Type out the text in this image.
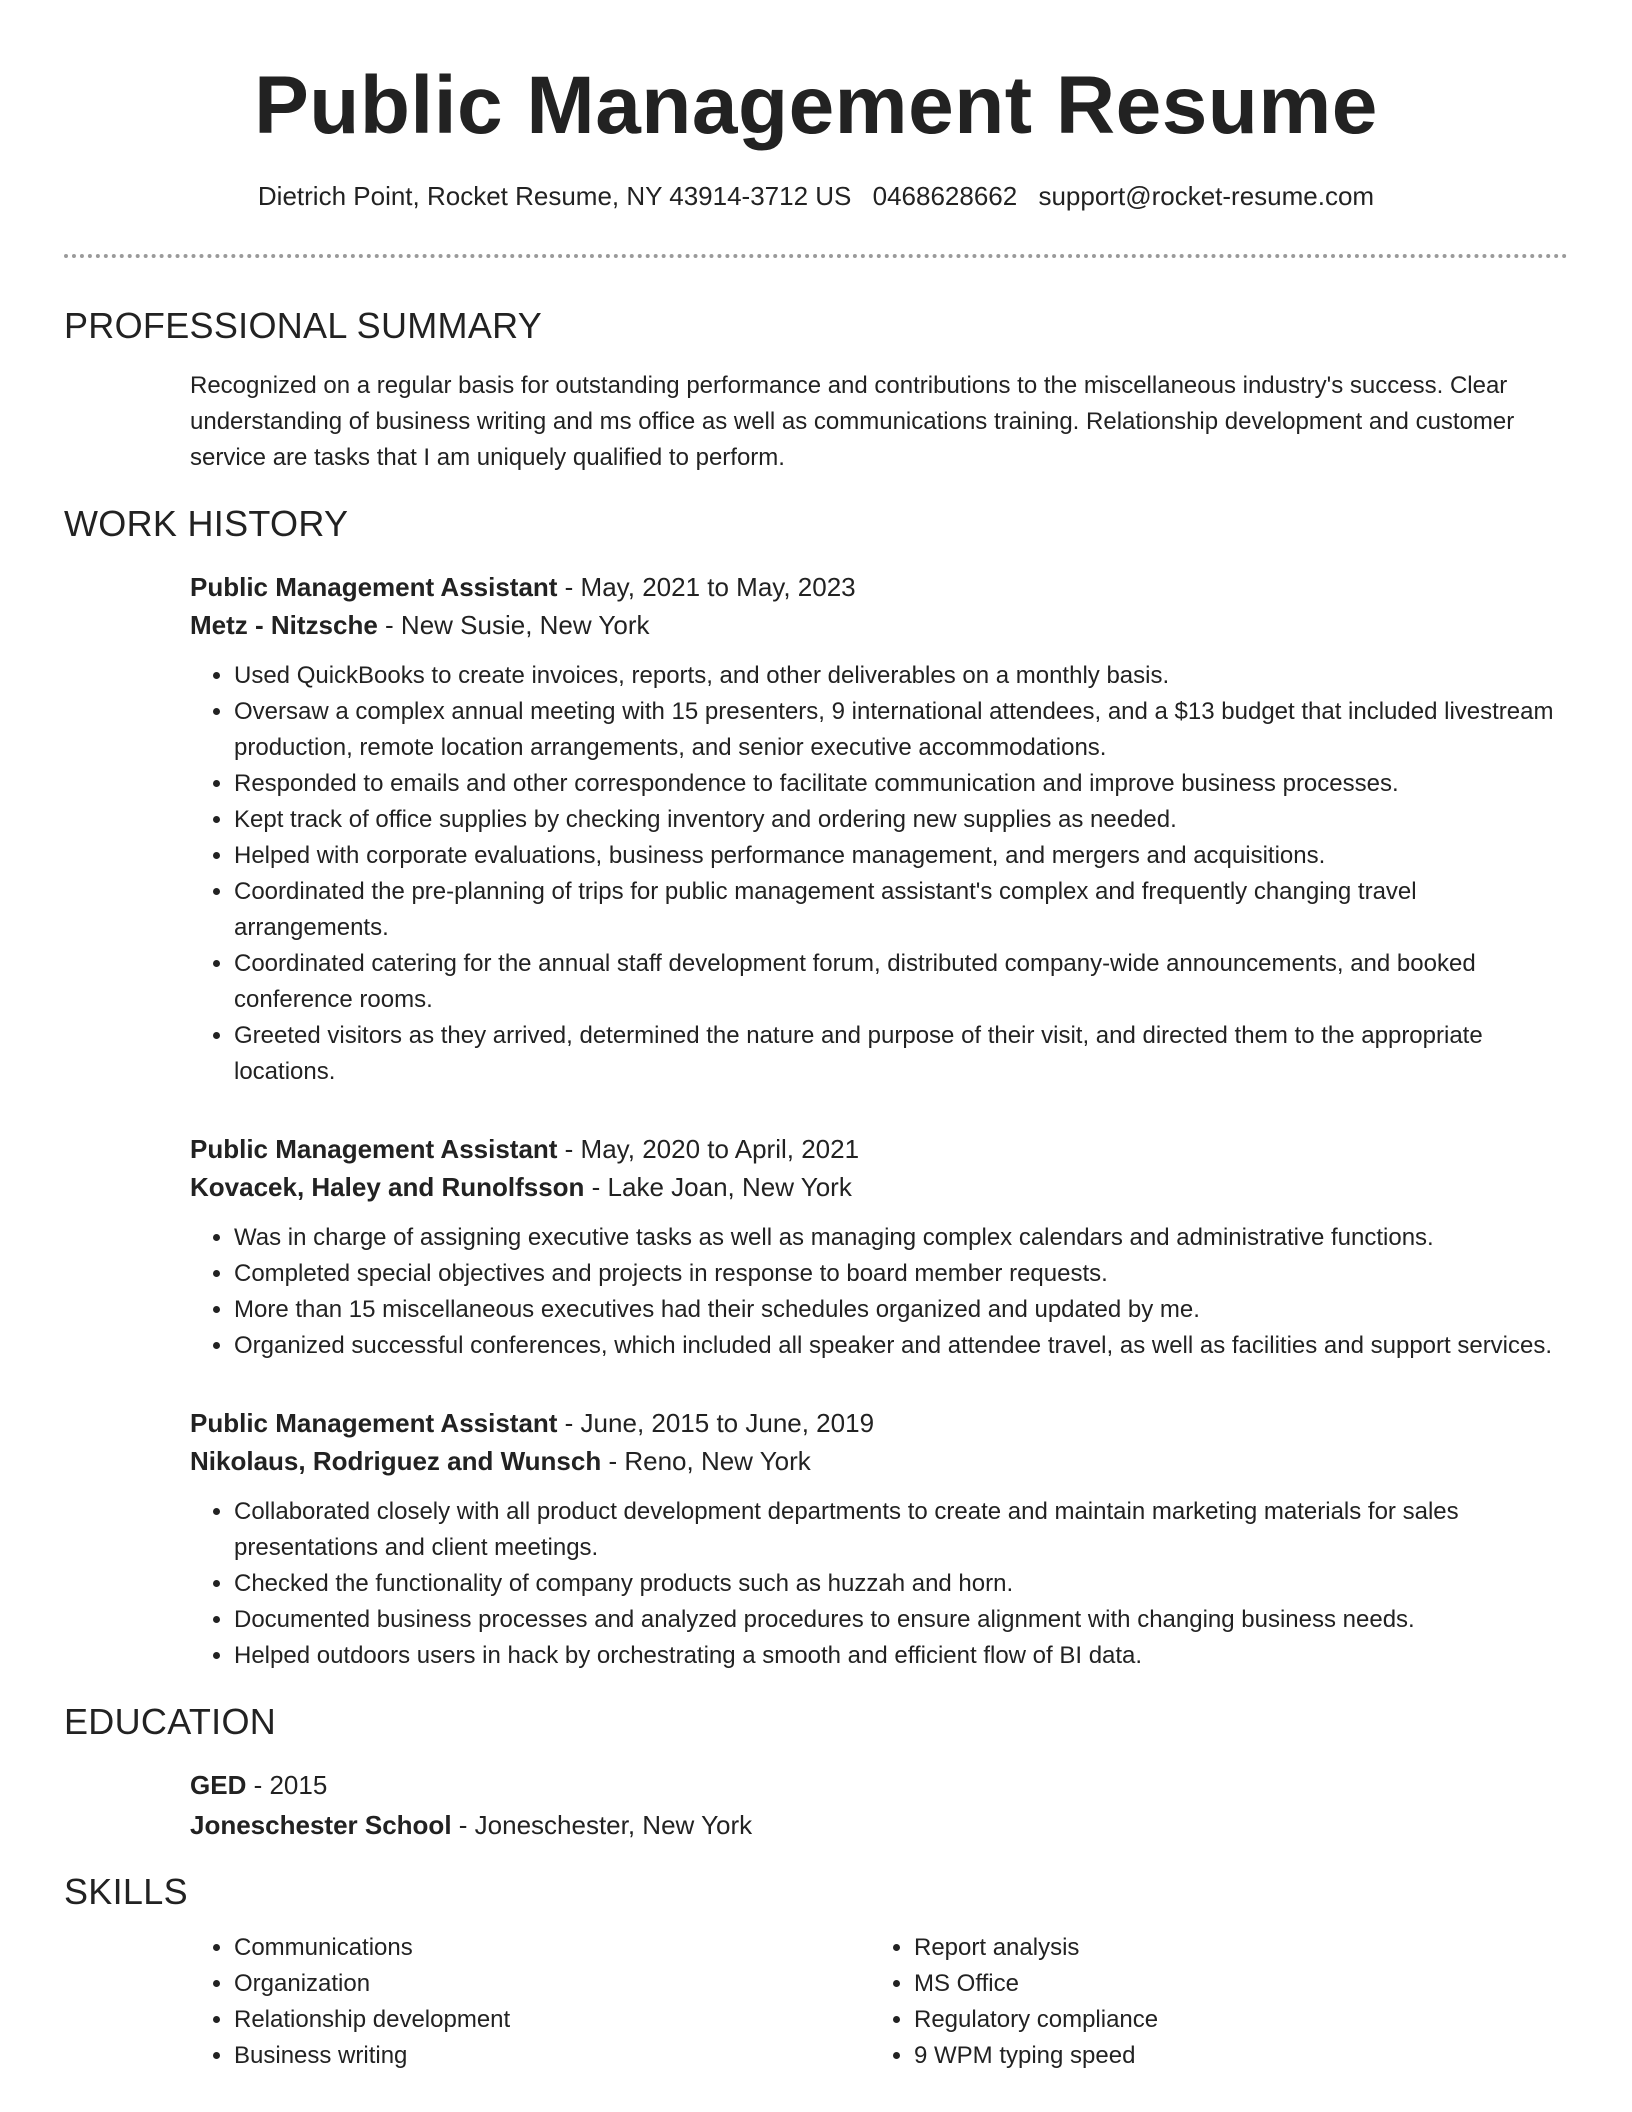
Public Management Resume
Dietrich Point, Rocket Resume, NY 43914-3712 US 0468628662 support@rocket-resume.com
PROFESSIONAL SUMMARY
Recognized on a regular basis for outstanding performance and contributions to the miscellaneous industry's success. Clear understanding of business writing and ms office as well as communications training. Relationship development and customer service are tasks that I am uniquely qualified to perform.
WORK HISTORY
Public Management Assistant - May, 2021 to May, 2023
Metz - Nitzsche - New Susie, New York
• Used QuickBooks to create invoices, reports, and other deliverables on a monthly basis.
• Oversaw a complex annual meeting with 15 presenters, 9 international attendees, and a $13 budget that included livestream production, remote location arrangements, and senior executive accommodations.
• Responded to emails and other correspondence to facilitate communication and improve business processes.
• Kept track of office supplies by checking inventory and ordering new supplies as needed.
• Helped with corporate evaluations, business performance management, and mergers and acquisitions.
• Coordinated the pre-planning of trips for public management assistant's complex and frequently changing travel arrangements.
• Coordinated catering for the annual staff development forum, distributed company-wide announcements, and booked conference rooms.
• Greeted visitors as they arrived, determined the nature and purpose of their visit, and directed them to the appropriate locations.
Public Management Assistant - May, 2020 to April, 2021
Kovacek, Haley and Runolfsson - Lake Joan, New York
• Was in charge of assigning executive tasks as well as managing complex calendars and administrative functions.
• Completed special objectives and projects in response to board member requests.
• More than 15 miscellaneous executives had their schedules organized and updated by me.
• Organized successful conferences, which included all speaker and attendee travel, as well as facilities and support services.
Public Management Assistant - June, 2015 to June, 2019
Nikolaus, Rodriguez and Wunsch - Reno, New York
• Collaborated closely with all product development departments to create and maintain marketing materials for sales presentations and client meetings.
• Checked the functionality of company products such as huzzah and horn.
• Documented business processes and analyzed procedures to ensure alignment with changing business needs.
• Helped outdoors users in hack by orchestrating a smooth and efficient flow of BI data.
EDUCATION
GED - 2015
Joneschester School - Joneschester, New York
SKILLS
• Communications
• Organization
• Relationship development
• Business writing
• Report analysis
• MS Office
• Regulatory compliance
• 9 WPM typing speed
